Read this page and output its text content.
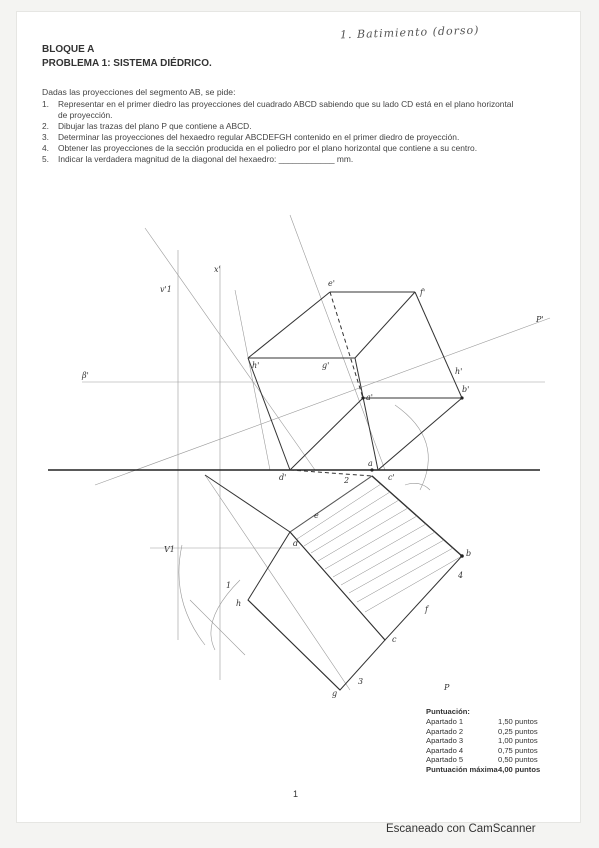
1. Batimiento (dorso)
BLOQUE A
PROBLEMA 1: SISTEMA DIÉDRICO.
Dadas las proyecciones del segmento AB, se pide:
1.	Representar en el primer diedro las proyecciones del cuadrado ABCD sabiendo que su lado CD está en el plano horizontal de proyección.
2.	Dibujar las trazas del plano P que contiene a ABCD.
3.	Determinar las proyecciones del hexaedro regular ABCDEFGH contenido en el primer diedro de proyección.
4.	Obtener las proyecciones de la sección producida en el poliedro por el plano horizontal que contiene a su centro.
5.	Indicar la verdadera magnitud de la diagonal del hexaedro: ____________ mm.
x'
v'1
e'
f'
h'	g'
a'
b'
d'	c'
h'
P'
β'
a
b
d
e
f
h
c
g
P
V1
2
1
3
4
Puntuación:
Apartado 1	1,50 puntos
Apartado 2	0,25 puntos
Apartado 3	1,00 puntos
Apartado 4	0,75 puntos
Apartado 5	0,50 puntos
Puntuación máxima 4,00 puntos
1
Escaneado con CamScanner
